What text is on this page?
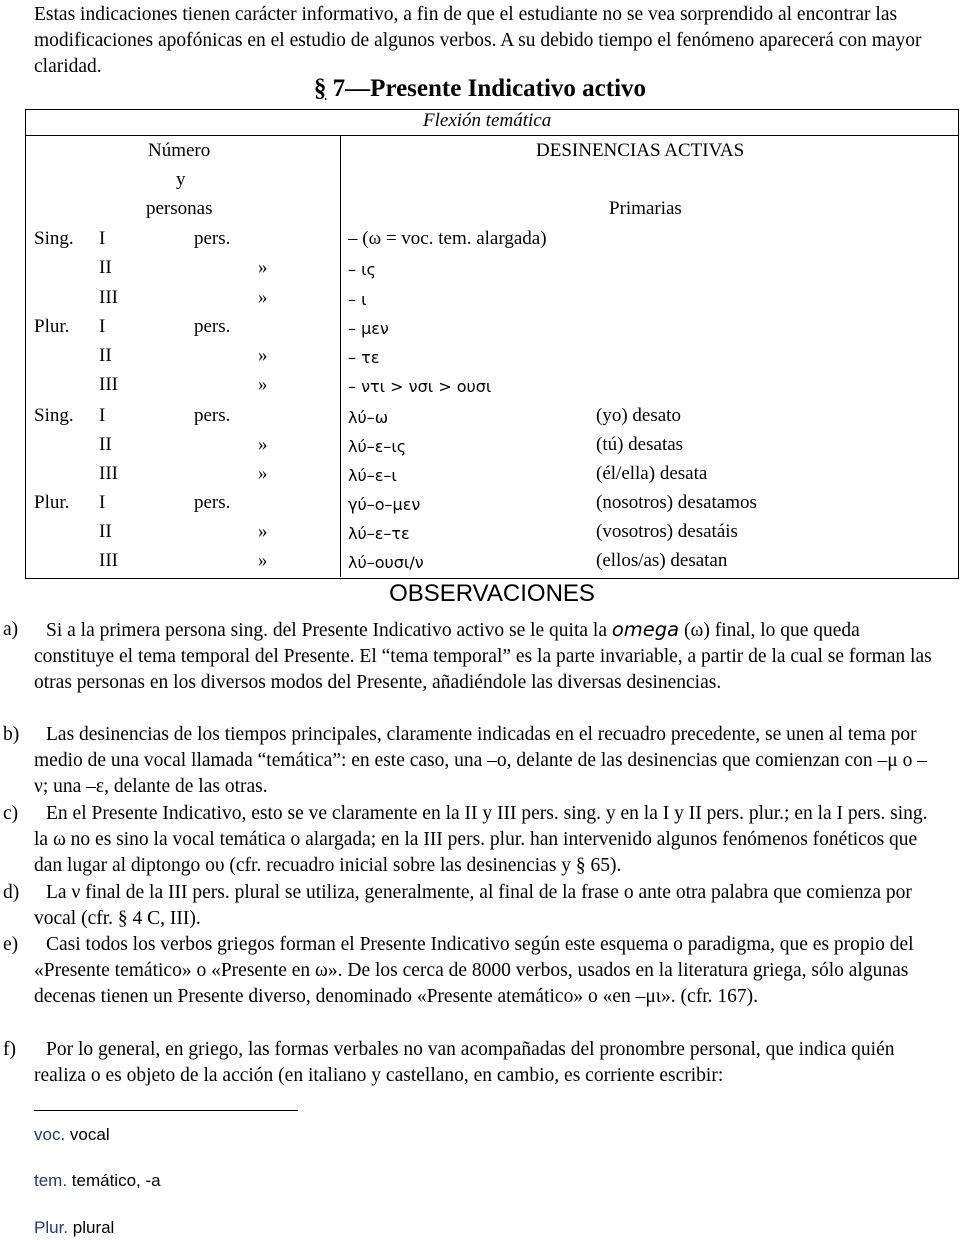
Estas indicaciones tienen carácter informativo, a fin de que el estudiante no se vea sorprendido al encontrar las modificaciones apofónicas en el estudio de algunos verbos. A su debido tiempo el fenómeno aparecerá con mayor claridad.
§ 7—Presente Indicativo activo
Flexión temática
Número
y
personas
DESINENCIAS ACTIVAS
Primarias
Sing. I	pers.	– (ω = voc. tem. alargada)
II	»	– ις
III	»	– ι
Plur. I	pers.	– μεν
II	»	– τε
III	»	– ντι > νσι > ουσι
Sing. I	pers.	λύ–ω	(yo) desato
II	»	λύ–ε–ις	(tú) desatas
III	»	λύ–ε–ι	(él/ella) desata
Plur. I	pers.	γύ–ο–μεν	(nosotros) desatamos
II	»	λύ–ε–τε	(vosotros) desatáis
III	»	λύ–ουσι/ν	(ellos/as) desatan
OBSERVACIONES
a)	Si a la primera persona sing. del Presente Indicativo activo se le quita la omega (ω) final, lo que queda constituye el tema temporal del Presente. El “tema temporal” es la parte invariable, a partir de la cual se forman las otras personas en los diversos modos del Presente, añadiéndole las diversas desinencias.
b)	Las desinencias de los tiempos principales, claramente indicadas en el recuadro precedente, se unen al tema por medio de una vocal llamada “temática”: en este caso, una –o, delante de las desinencias que comienzan con –μ o –ν; una –ε, delante de las otras.
c)	En el Presente Indicativo, esto se ve claramente en la II y III pers. sing. y en la I y II pers. plur.; en la I pers. sing. la ω no es sino la vocal temática o alargada; en la III pers. plur. han intervenido algunos fenómenos fonéticos que dan lugar al diptongo ου (cfr. recuadro inicial sobre las desinencias y § 65).
d)	La ν final de la III pers. plural se utiliza, generalmente, al final de la frase o ante otra palabra que comienza por vocal (cfr. § 4 C, III).
e)	Casi todos los verbos griegos forman el Presente Indicativo según este esquema o paradigma, que es propio del «Presente temático» o «Presente en ω». De los cerca de 8000 verbos, usados en la literatura griega, sólo algunas decenas tienen un Presente diverso, denominado «Presente atemático» o «en –μι». (cfr. 167).
f)	Por lo general, en griego, las formas verbales no van acompañadas del pronombre personal, que indica quién realiza o es objeto de la acción (en italiano y castellano, en cambio, es corriente escribir:
voc. vocal
tem. temático, -a
Plur. plural
